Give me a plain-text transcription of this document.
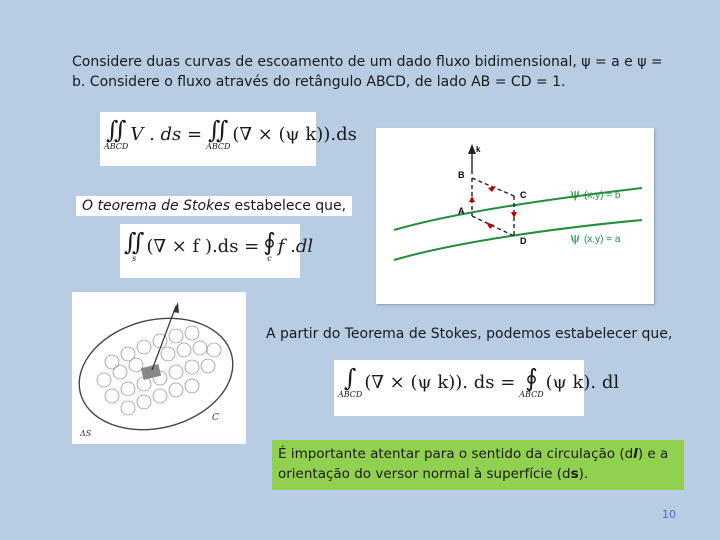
Considere duas curvas de escoamento de um dado fluxo bidimensional, ψ = a e ψ = b. Considere o fluxo através do retângulo ABCD, de lado AB = CD = 1.
∬
ABCD
V . ds = ∬
ABCD
(∇ × (ψ k)).ds
O teorema de Stokes estabelece que,
∬
s
(∇ × f ).ds = ∮
c
f .dl
B
A
C
D
k
ψ (x,y) = b
ψ (x,y) = a
ΔS
C
A partir do Teorema de Stokes, podemos estabelecer que,
∫
ABCD
(∇ × (ψ k)). ds = ∮
ABCD
(ψ k). dl
É importante atentar para o sentido da circulação (dl) e a orientação do versor normal à superfície (ds).
10
